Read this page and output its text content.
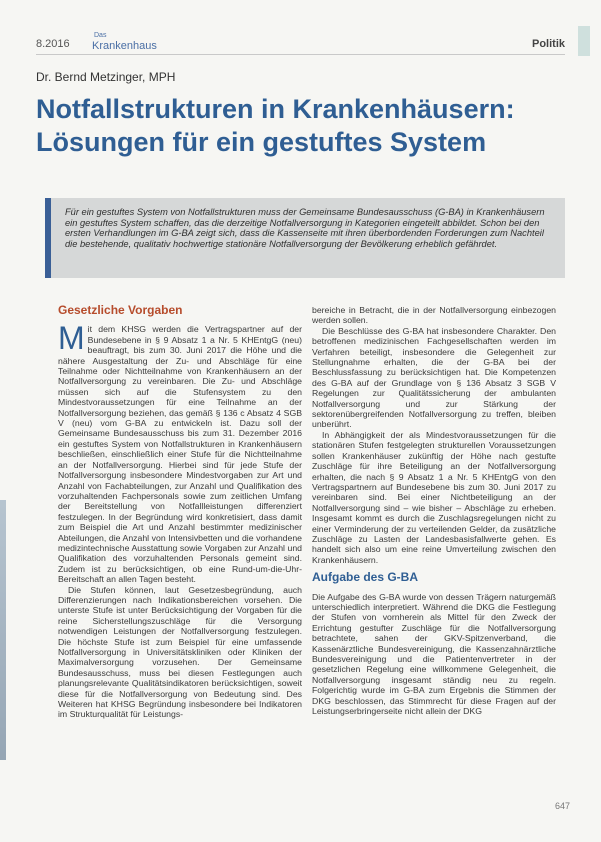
8.2016
Das
Krankenhaus	Politik
Dr. Bernd Metzinger, MPH
Notfallstrukturen in Krankenhäusern: Lösungen für ein gestuftes System
Für ein gestuftes System von Notfallstrukturen muss der Gemeinsame Bundesausschuss (G-BA) in Krankenhäusern ein gestuftes System schaffen, das die derzeitige Notfallversorgung in Kategorien eingeteilt abbildet. Schon bei den ersten Verhandlungen im G-BA zeigt sich, dass die Kassenseite mit ihren überbordenden Forderungen zum Nachteil die bestehende, qualitativ hochwertige stationäre Notfallversorgung der Bevölkerung erheblich gefährdet.
Gesetzliche Vorgaben

Mit dem KHSG werden die Vertragspartner auf der Bundesebene in § 9 Absatz 1 a Nr. 5 KHEntgG (neu) beauftragt, bis zum 30. Juni 2017 die Höhe und die nähere Ausgestaltung der Zu- und Abschläge für eine Teilnahme oder Nichtteilnahme von Krankenhäusern an der Notfallversorgung zu vereinbaren. Die Zu- und Abschläge müssen sich auf die Stufensystem zu den Mindestvoraussetzungen für eine Teilnahme an der Notfallversorgung beziehen, das gemäß § 136 c Absatz 4 SGB V (neu) vom G-BA zu entwickeln ist. Dazu soll der Gemeinsame Bundesausschuss bis zum 31. Dezember 2016 ein gestuftes System von Notfallstrukturen in Krankenhäusern beschließen, einschließlich einer Stufe für die Nichtteilnahme an der Notfallversorgung. Hierbei sind für jede Stufe der Notfallversorgung insbesondere Mindestvorgaben zur Art und Anzahl von Fachabteilungen, zur Anzahl und Qualifikation des vorzuhaltenden Fachpersonals sowie zum zeitlichen Umfang der Bereitstellung von Notfallleistungen differenziert festzulegen. In der Begründung wird konkretisiert, dass damit zum Beispiel die Art und Anzahl bestimmter medizinischer Abteilungen, die Anzahl von Intensivbetten und die vorhandene medizintechnische Ausstattung sowie Vorgaben zur Anzahl und Qualifikation des vorzuhaltenden Personals gemeint sind. Zudem ist zu berücksichtigen, ob eine Rund-um-die-Uhr-Bereitschaft an allen Tagen besteht.

Die Stufen können, laut Gesetzesbegründung, auch Differenzierungen nach Indikationsbereichen vorsehen. Die unterste Stufe ist unter Berücksichtigung der Vorgaben für die reine Sicherstellungszuschläge für die Versorgung notwendigen Leistungen der Notfallversorgung festzulegen. Die höchste Stufe ist zum Beispiel für eine umfassende Notfallversorgung in Universitätskliniken oder Kliniken der Maximalversorgung vorzusehen. Der Gemeinsame Bundesausschuss, muss bei diesen Festlegungen auch planungsrelevante Qualitätsindikatoren berücksichtigen, soweit diese für die Notfallversorgung von Bedeutung sind. Des Weiteren hat KHSG Begründung insbesondere bei Indikatoren im Strukturqualität für Leistungs-

bereiche in Betracht, die in der Notfallversorgung einbezogen werden sollen.

Die Beschlüsse des G-BA hat insbesondere Charakter. Den betroffenen medizinischen Fachgesellschaften werden im Verfahren beteiligt, insbesondere die Gelegenheit zur Stellungnahme erhalten, die der G-BA bei der Beschlussfassung zu berücksichtigen hat. Die Kompetenzen des G-BA auf der Grundlage von § 136 Absatz 3 SGB V Regelungen zur Qualitätssicherung der ambulanten Notfallversorgung und zur Stärkung der sektorenübergreifenden Notfallversorgung zu treffen, bleiben unberührt.

In Abhängigkeit der als Mindestvoraussetzungen für die stationären Stufen festgelegten strukturellen Voraussetzungen sollen Krankenhäuser zukünftig der Höhe nach gestufte Zuschläge für ihre Beteiligung an der Notfallversorgung erhalten, die nach § 9 Absatz 1 a Nr. 5 KHEntgG von den Vertragspartnern auf Bundesebene bis zum 30. Juni 2017 zu vereinbaren sind. Bei einer Nichtbeteiligung an der Notfallversorgung sind – wie bisher – Abschläge zu erheben. Insgesamt kommt es durch die Zuschlagsregelungen nicht zu einer Verminderung der zu verteilenden Gelder, da zusätzliche Zuschläge zu Lasten der Landesbasisfallwerte gehen. Es handelt sich also um eine reine Umverteilung zwischen den Krankenhäusern.

Aufgabe des G-BA

Die Aufgabe des G-BA wurde von dessen Trägern naturgemäß unterschiedlich interpretiert. Während die DKG die Festlegung der Stufen von vornherein als Mittel für den Zweck der Errichtung gestufter Zuschläge für die Notfallversorgung betrachtete, sahen der GKV-Spitzenverband, die Kassenärztliche Bundesvereinigung, die Kassenzahnärztliche Bundesvereinigung und die Patientenvertreter in der gesetzlichen Regelung eine willkommene Gelegenheit, die Notfallversorgung insgesamt ständig neu zu regeln. Folgerichtig wurde im G-BA zum Ergebnis die Stimmen der DKG beschlossen, das Stimmrecht für diese Fragen auf der Leistungserbringerseite nicht allein der DKG

647
